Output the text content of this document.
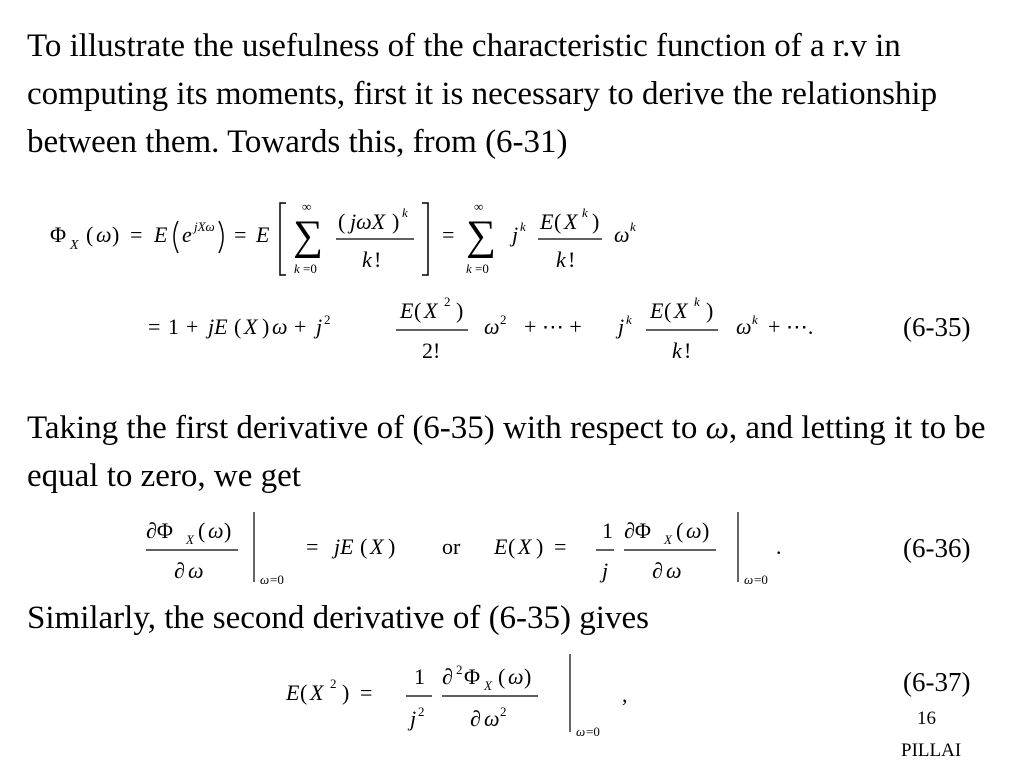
To illustrate the usefulness of the characteristic function of a r.v in computing its moments, first it is necessary to derive the relationship between them. Towards this, from (6-31)

Φ X ( ω ) = E e jXω = E ∑
∞
k =0
( jωX ) k
k !
= ∑
∞
k =0
j k E ( X k )
k !
ω k
= 1 + jE ( X ) ω + j 2	E ( X 2 )
2!
ω 2 + ⋯ + j k E ( X k )
k !
ω k + ⋯.	(6-35)

Taking the first derivative of (6-35) with respect to ω, and letting it to be equal to zero, we get

∂Φ X ( ω )
∂ ω	ω =0
= jE ( X ) or E ( X ) =
1
j
∂Φ X ( ω )
∂ ω	ω =0
.	(6-36)

Similarly, the second derivative of (6-35) gives

E ( X 2 ) =
1
j 2
∂ 2 Φ X ( ω )
∂ ω 2
ω =0
,	(6-37)
16
PILLAI
